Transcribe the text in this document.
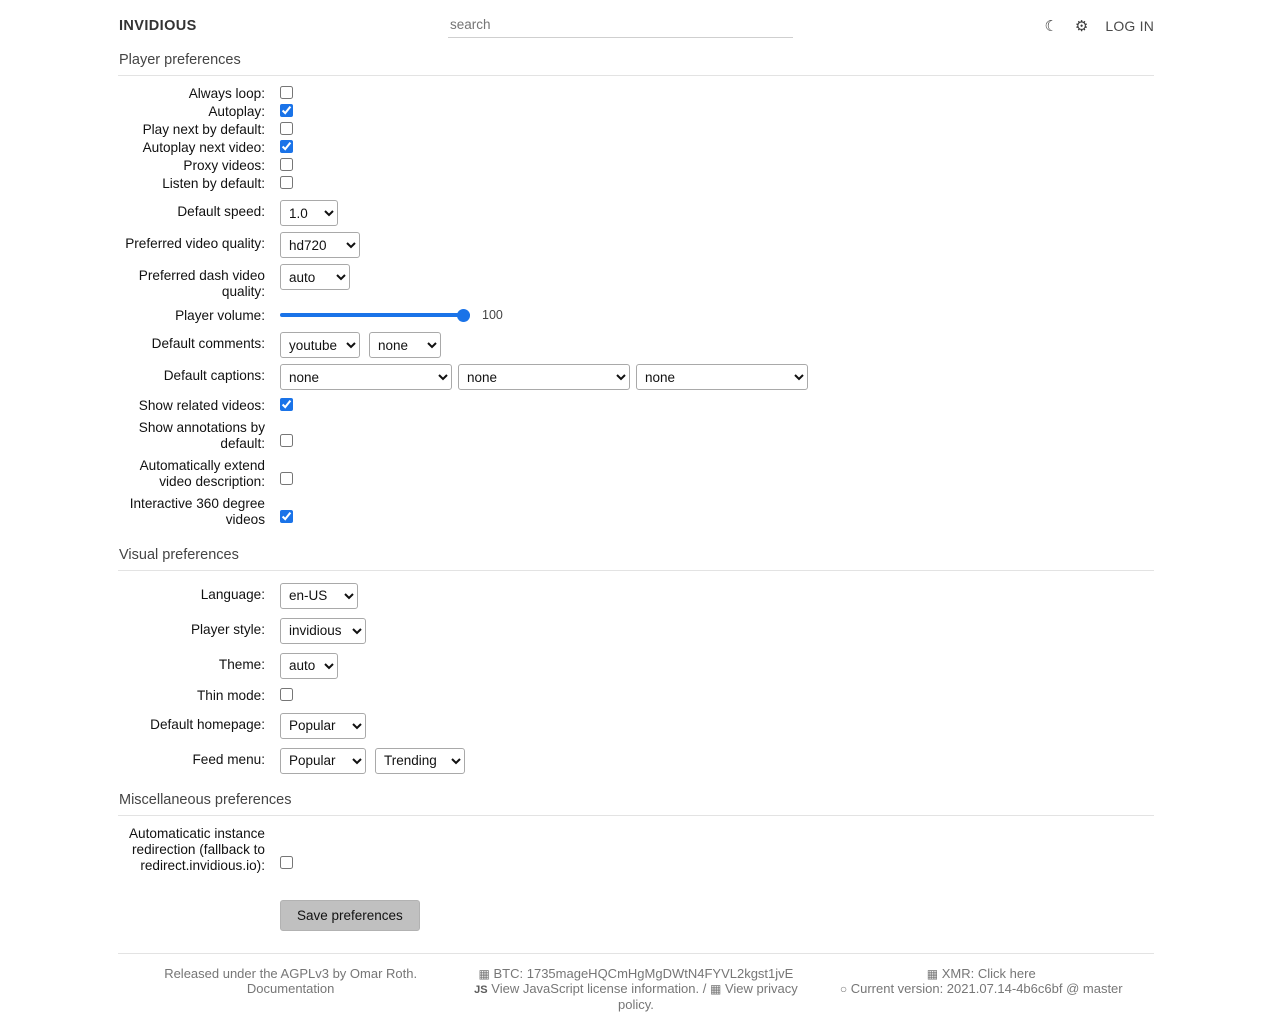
INVIDIOUS
search	☾ ⚙ LOG IN
Player preferences
Always loop:
Autoplay:
Play next by default:
Autoplay next video:
Proxy videos:
Listen by default:
Default speed:
1.0
Preferred video quality:
hd720
Preferred dash video quality:
auto
Player volume:	100
Default comments:
youtube
none
Default captions:
none
none
none
Show related videos:
Show annotations by default:
Automatically extend video description:
Interactive 360 degree videos
Visual preferences
Language:
en-US
Player style:
invidious
Theme:
auto
Thin mode:
Default homepage:
Popular
Feed menu:
Popular
Trending
Miscellaneous preferences
Automaticatic instance redirection (fallback to redirect.invidious.io):
Save preferences
Released under the AGPLv3 by Omar Roth.
Documentation
▦ BTC: 1735mageHQCmHgMgDWtN4FYVL2kgst1jvE
JS View JavaScript license information. / ▦ View privacy policy.
▦ XMR: Click here
○ Current version: 2021.07.14-4b6c6bf @ master
